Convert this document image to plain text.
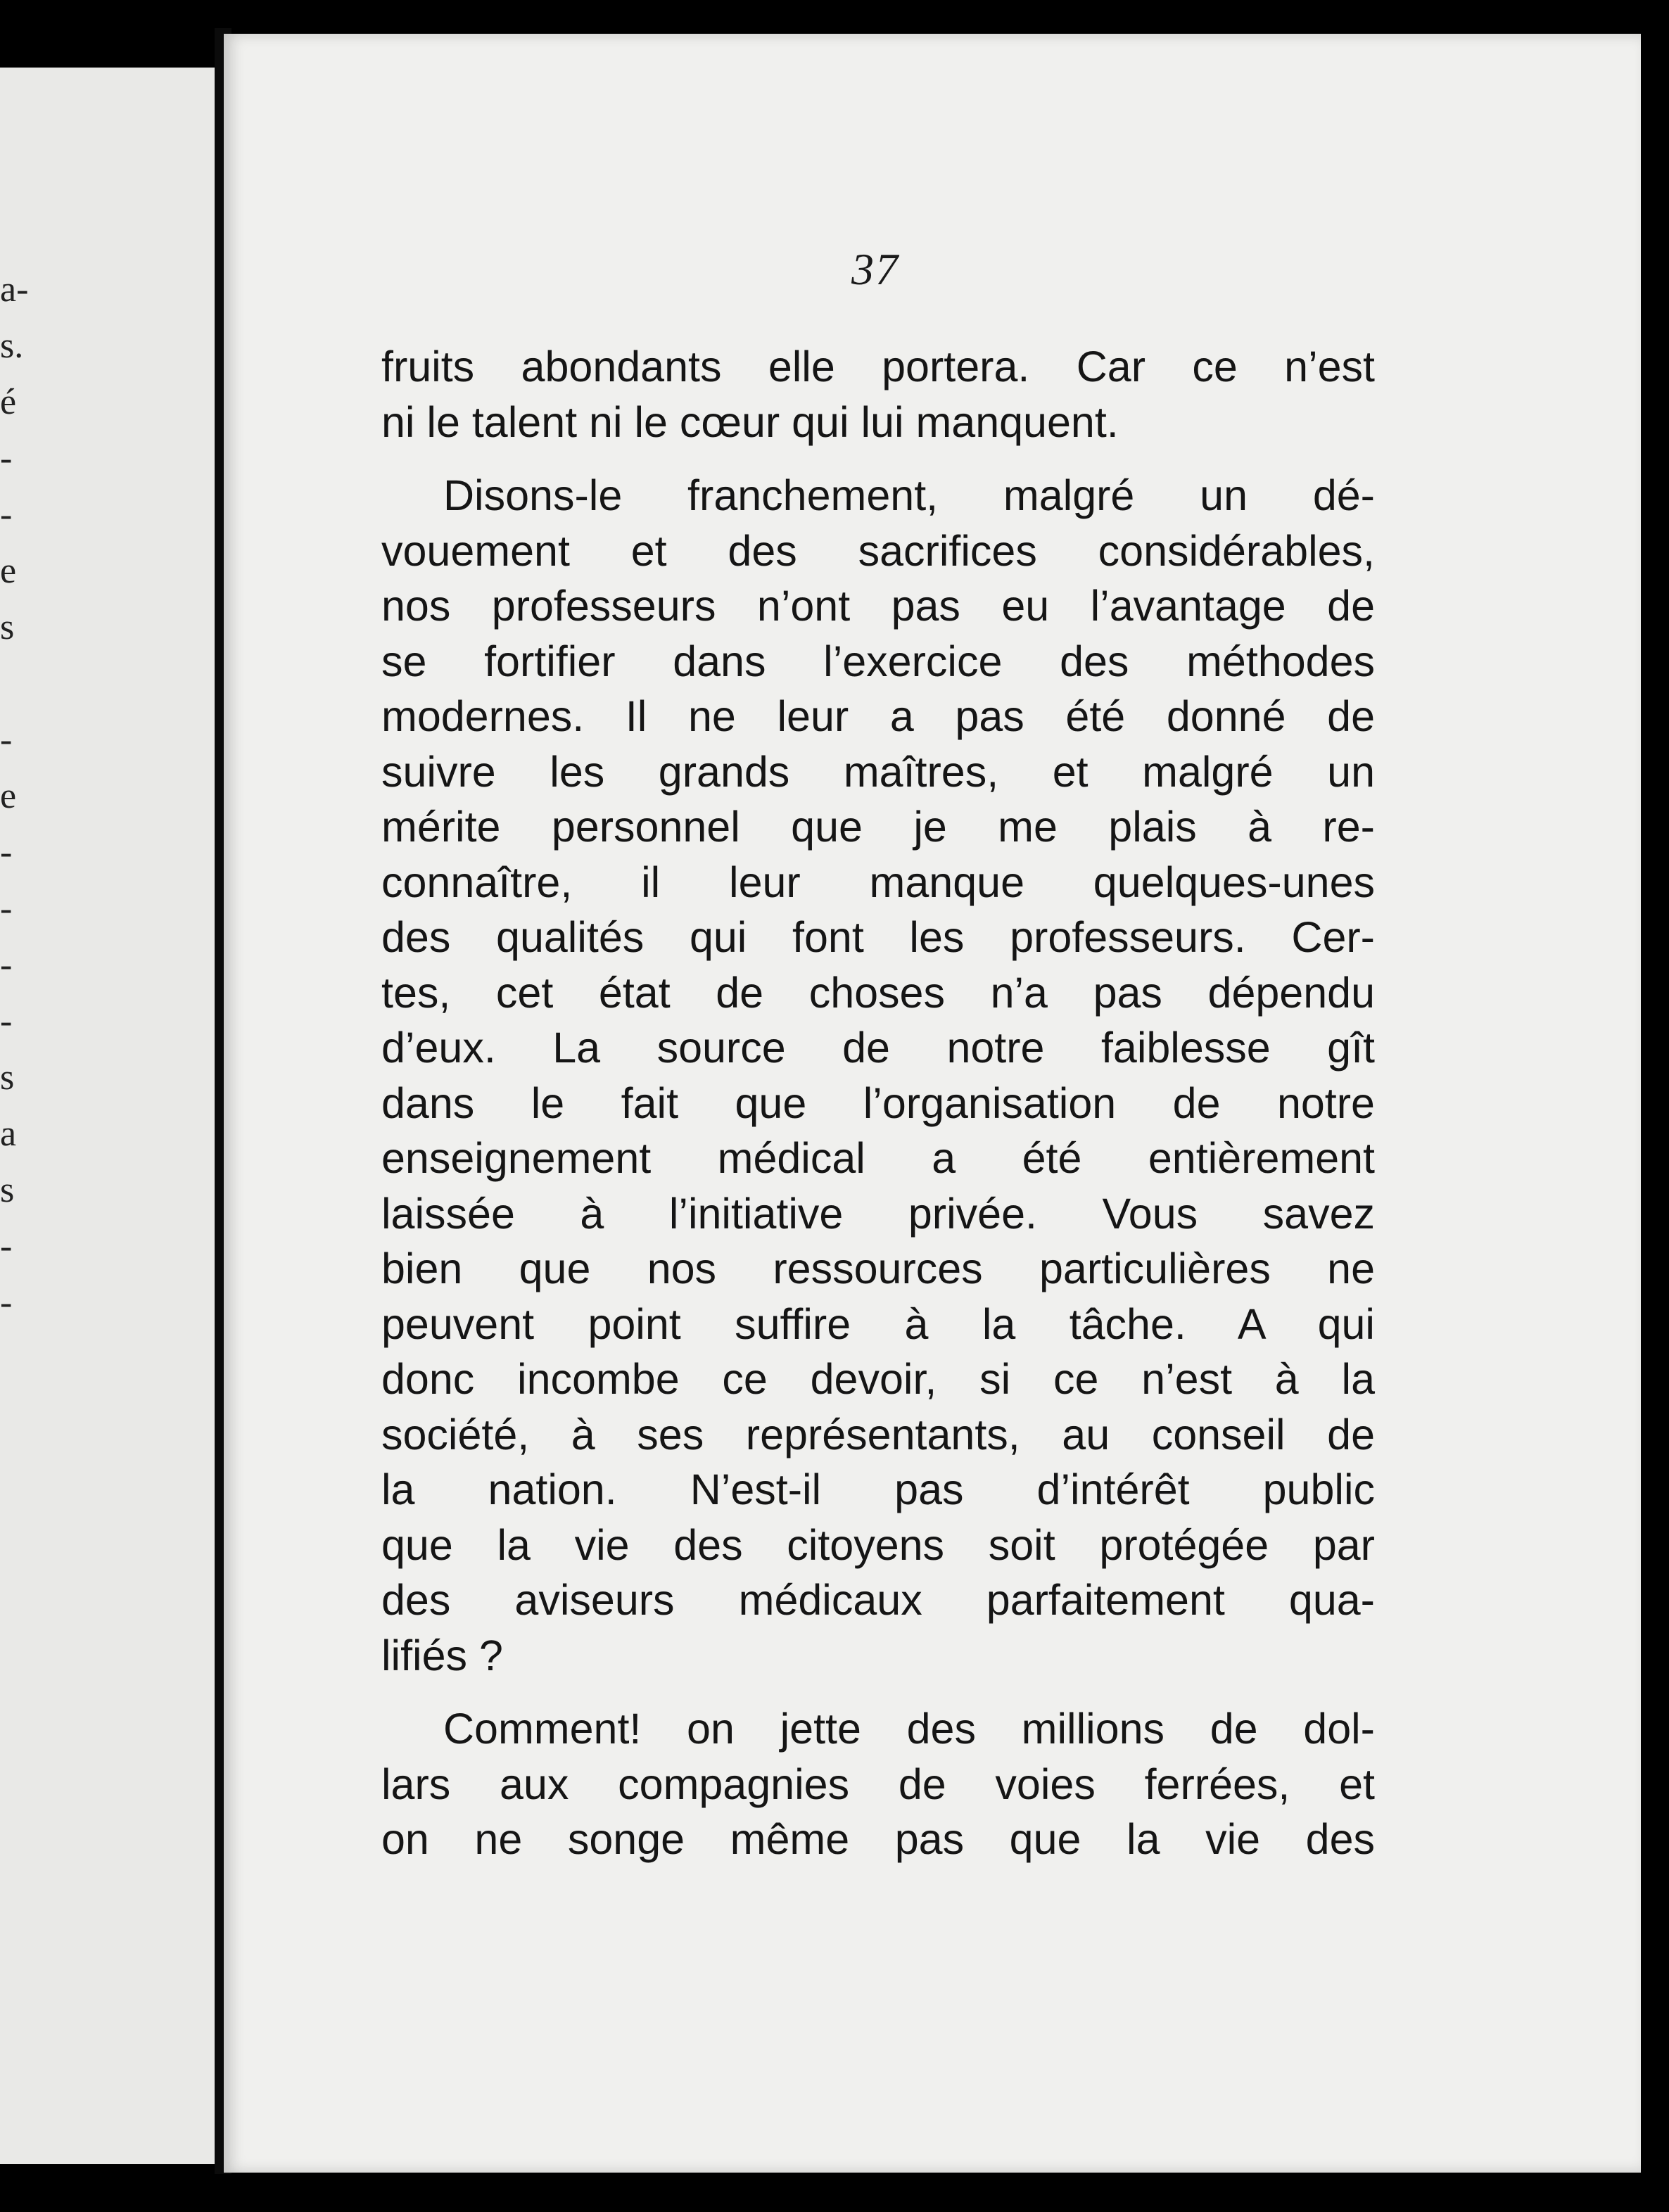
a-
s.
é
-
-
e
s
-
e
-
-
-
-
s
a
s
-
-
37
fruits abondants elle portera. Car ce n’est
ni le talent ni le cœur qui lui manquent.
Disons-le franchement, malgré un dé-
vouement et des sacrifices considérables,
nos professeurs n’ont pas eu l’avantage de
se fortifier dans l’exercice des méthodes
modernes. Il ne leur a pas été donné de
suivre les grands maîtres, et malgré un
mérite personnel que je me plais à re-
connaître, il leur manque quelques-unes
des qualités qui font les professeurs. Cer-
tes, cet état de choses n’a pas dépendu
d’eux. La source de notre faiblesse gît
dans le fait que l’organisation de notre
enseignement médical a été entièrement
laissée à l’initiative privée. Vous savez
bien que nos ressources particulières ne
peuvent point suffire à la tâche. A qui
donc incombe ce devoir, si ce n’est à la
société, à ses représentants, au conseil de
la nation. N’est-il pas d’intérêt public
que la vie des citoyens soit protégée par
des aviseurs médicaux parfaitement qua-
lifiés ?
Comment! on jette des millions de dol-
lars aux compagnies de voies ferrées, et
on ne songe même pas que la vie des
